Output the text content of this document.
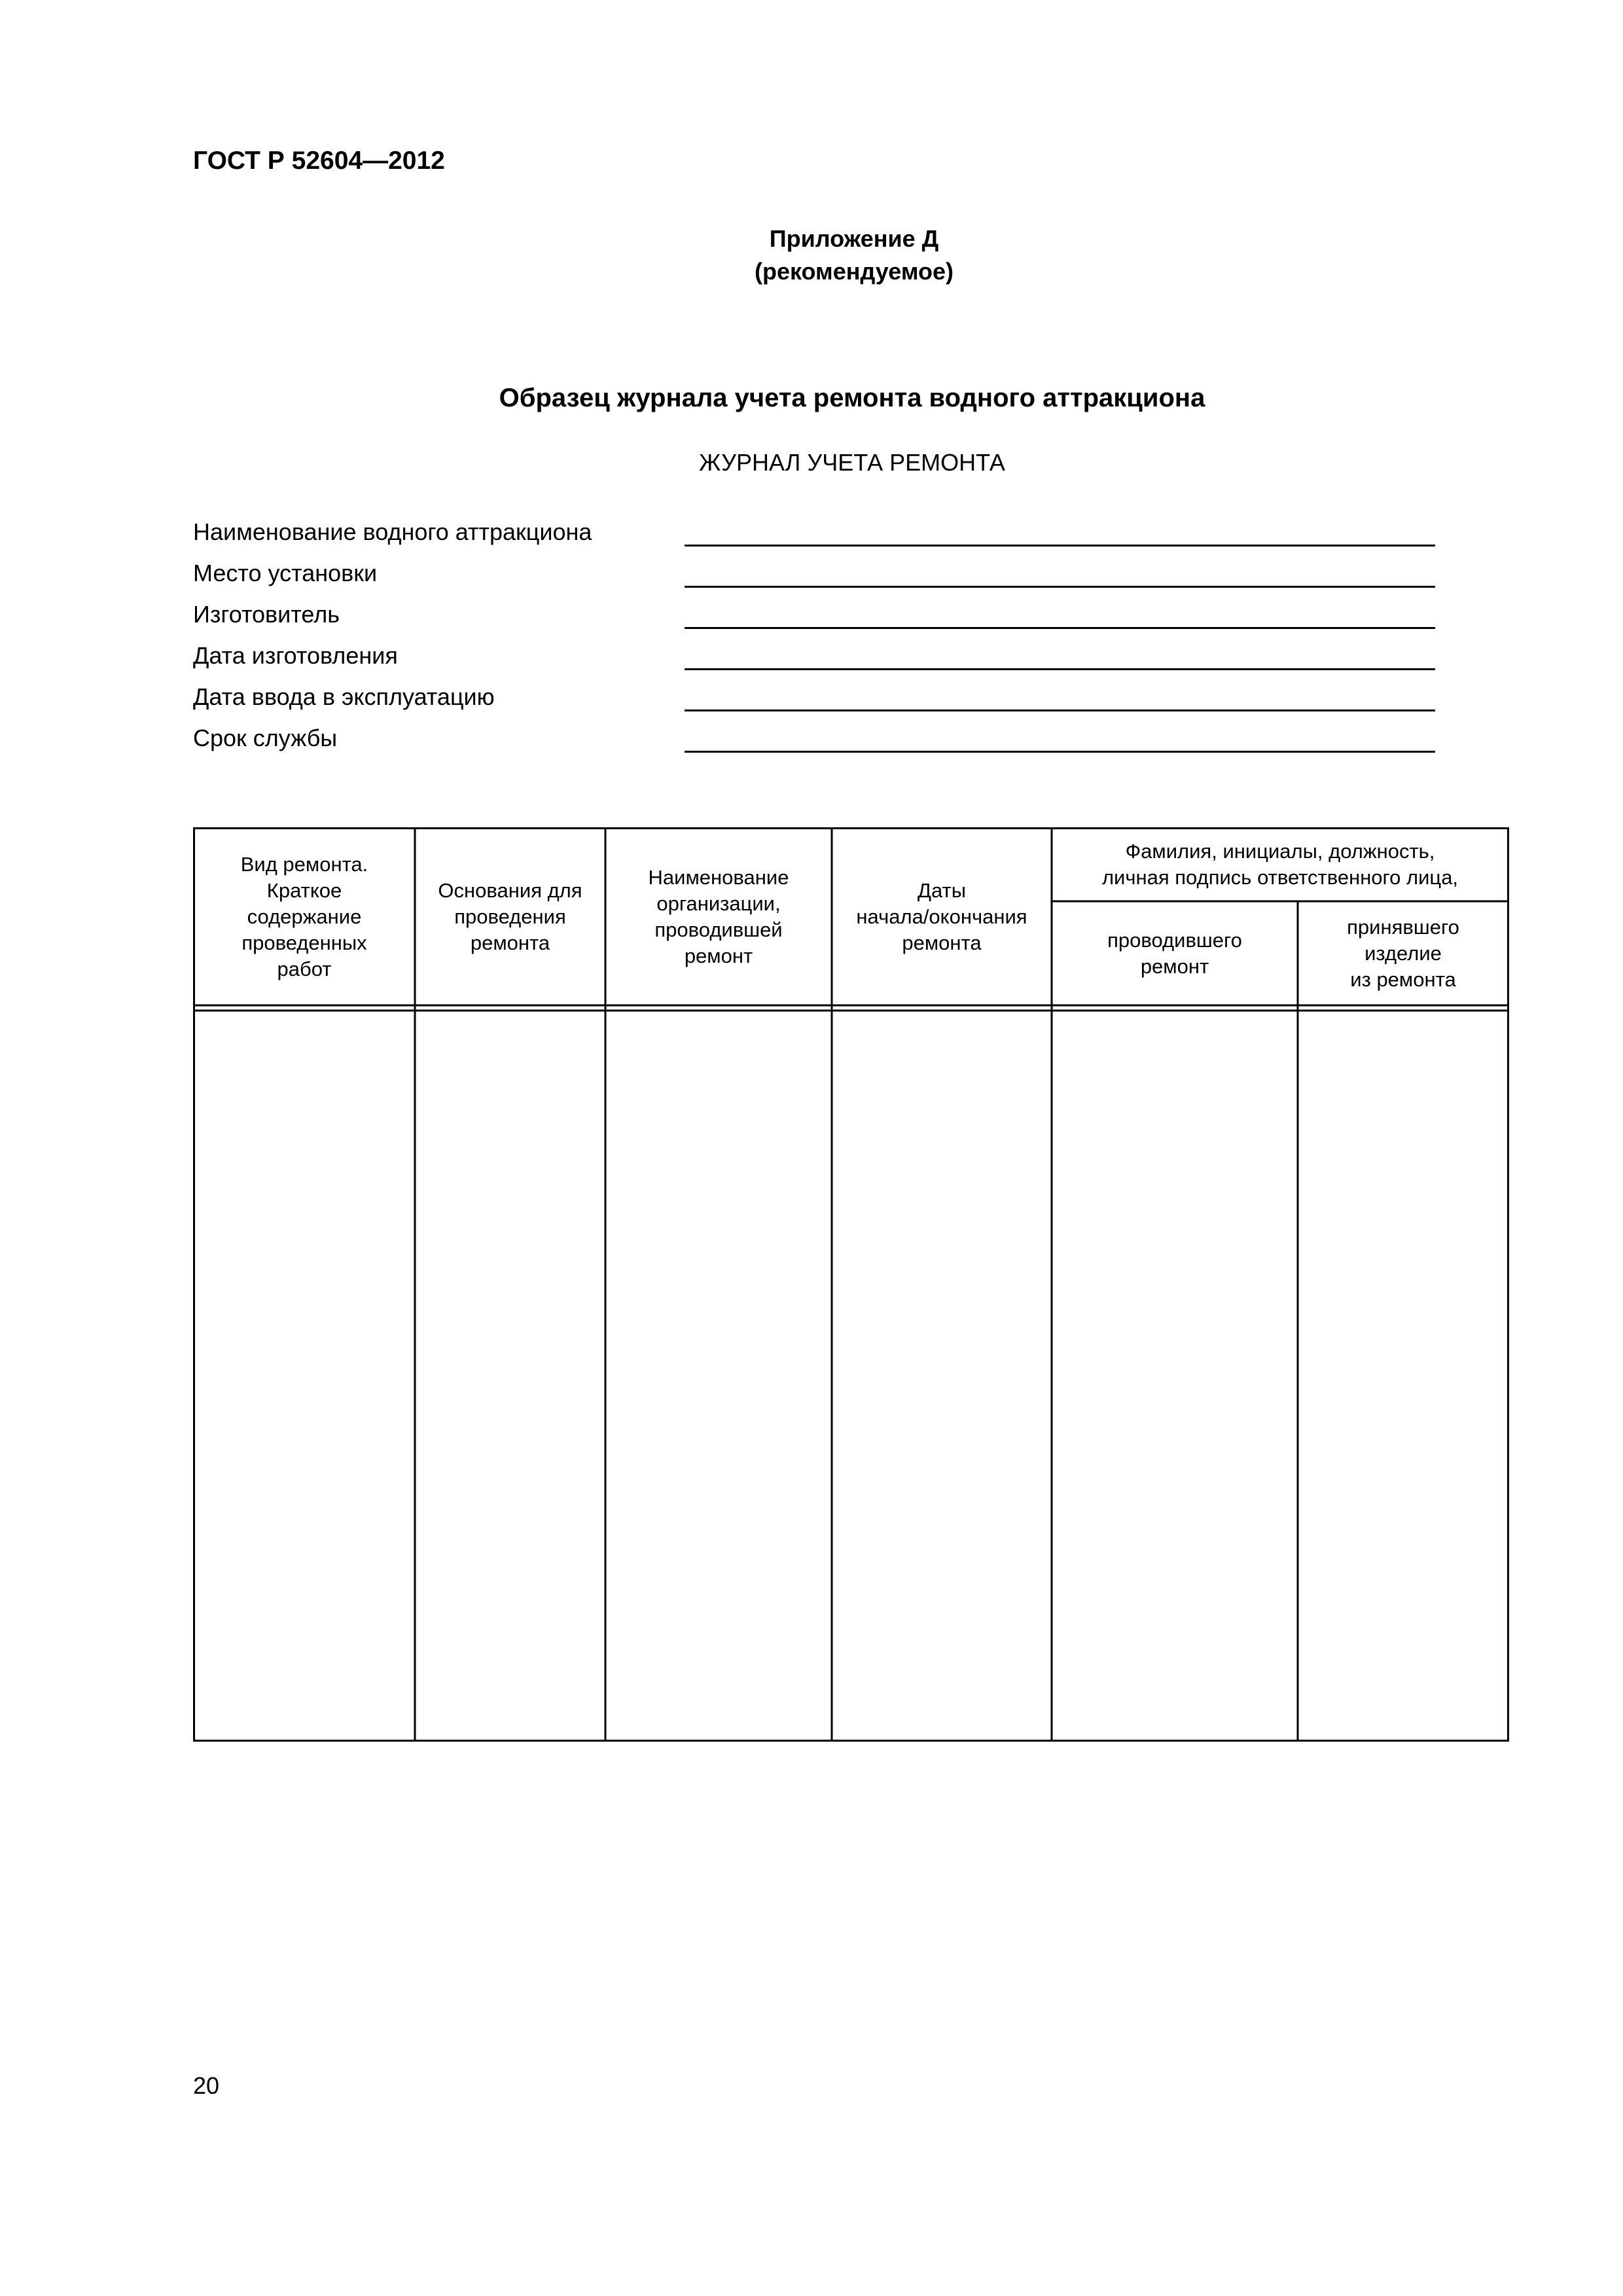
ГОСТ Р 52604—2012
Приложение Д
(рекомендуемое)
Образец журнала учета ремонта водного аттракциона
ЖУРНАЛ УЧЕТА РЕМОНТА
Наименование водного аттракциона
Место установки
Изготовитель
Дата изготовления
Дата ввода в эксплуатацию
Срок службы
Вид ремонта.
Краткое
содержание
проведенных
работ
Основания для
проведения
ремонта
Наименование
организации,
проводившей
ремонт
Даты
начала/окончания
ремонта
Фамилия, инициалы, должность,
личная подпись ответственного лица,
проводившего
ремонт
принявшего
изделие
из ремонта
20
